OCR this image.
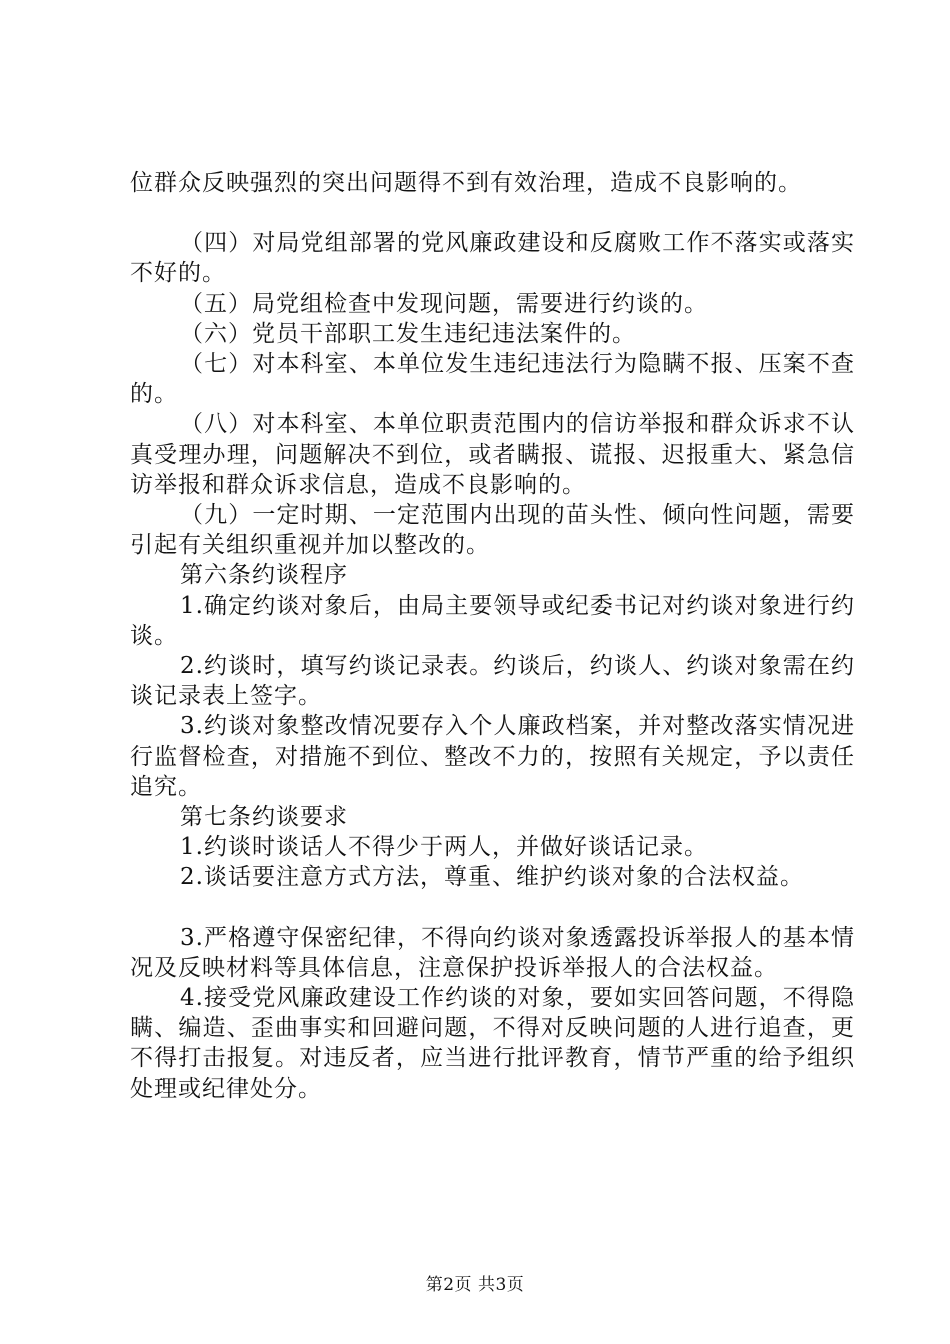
位群众反映强烈的突出问题得不到有效治理，造成不良影响的。

（四）对局党组部署的党风廉政建设和反腐败工作不落实或落实不好的。

（五）局党组检查中发现问题，需要进行约谈的。

（六）党员干部职工发生违纪违法案件的。

（七）对本科室、本单位发生违纪违法行为隐瞒不报、压案不查的。

（八）对本科室、本单位职责范围内的信访举报和群众诉求不认真受理办理，问题解决不到位，或者瞒报、谎报、迟报重大、紧急信访举报和群众诉求信息，造成不良影响的。

（九）一定时期、一定范围内出现的苗头性、倾向性问题，需要引起有关组织重视并加以整改的。

第六条约谈程序

1.确定约谈对象后，由局主要领导或纪委书记对约谈对象进行约谈。

2.约谈时，填写约谈记录表。约谈后，约谈人、约谈对象需在约谈记录表上签字。

3.约谈对象整改情况要存入个人廉政档案，并对整改落实情况进行监督检查，对措施不到位、整改不力的，按照有关规定，予以责任追究。

第七条约谈要求

1.约谈时谈话人不得少于两人，并做好谈话记录。

2.谈话要注意方式方法，尊重、维护约谈对象的合法权益。

3.严格遵守保密纪律，不得向约谈对象透露投诉举报人的基本情况及反映材料等具体信息，注意保护投诉举报人的合法权益。

4.接受党风廉政建设工作约谈的对象，要如实回答问题，不得隐瞒、编造、歪曲事实和回避问题，不得对反映问题的人进行追查，更不得打击报复。对违反者，应当进行批评教育，情节严重的给予组织处理或纪律处分。

第2页 共3页
